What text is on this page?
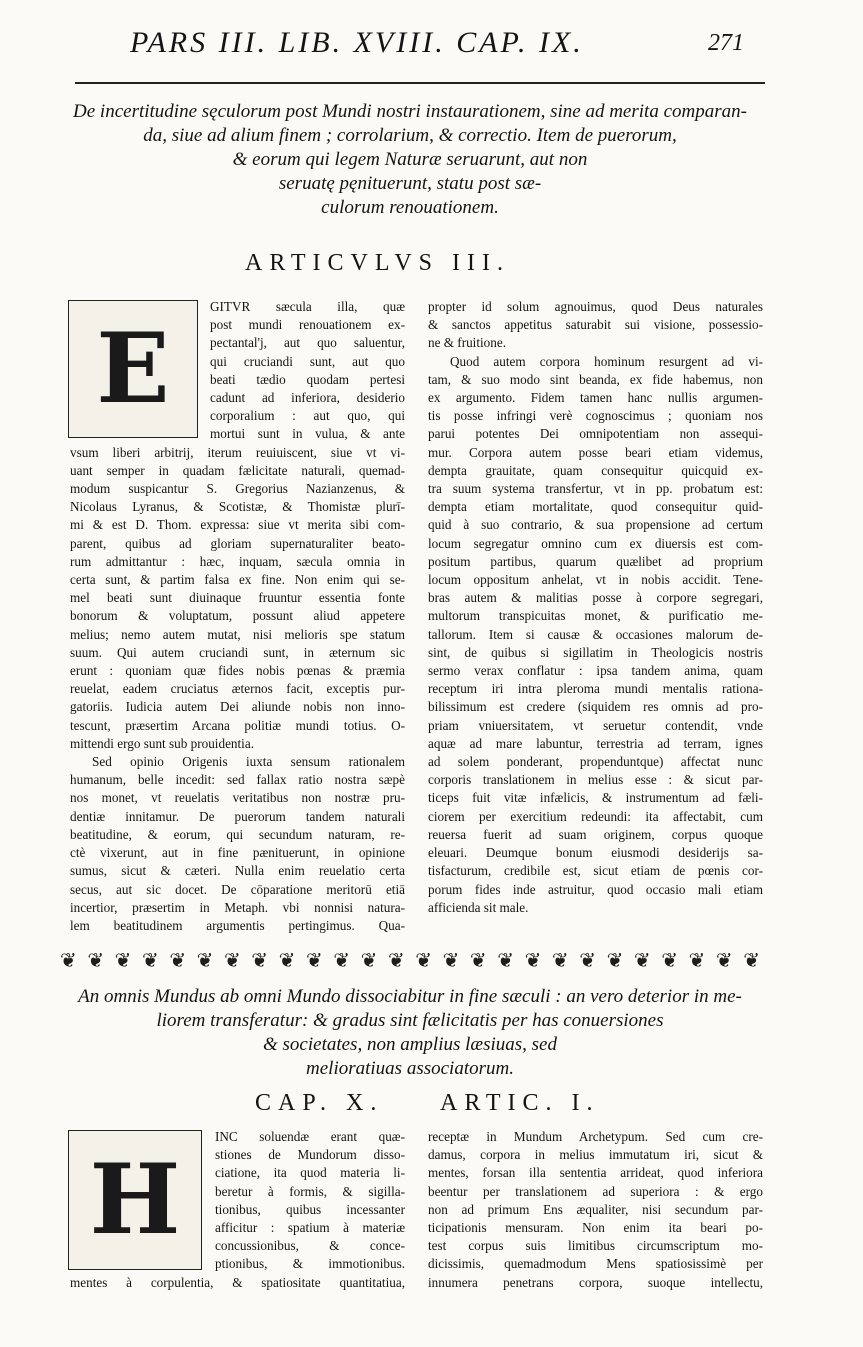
PARS III. LIB. XVIII. CAP. IX.	271
De incertitudine sęculorum post Mundi nostri instaurationem, sine ad merita comparan-
da, siue ad alium finem ; corrolarium, & correctio. Item de puerorum,
& eorum qui legem Naturæ seruarunt, aut non
seruatę pęnituerunt, statu post sæ-
culorum renouationem.
ARTICVLVS III.
E
GITVR sæcula illa, quæ
post mundi renouationem ex-
pectantal'j, aut quo saluentur,
qui cruciandi sunt, aut quo
beati tædio quodam pertesi
cadunt ad inferiora, desiderio
corporalium : aut quo, qui
mortui sunt in vulua, & ante
vsum liberi arbitrij, iterum reuiuiscent, siue vt vi-
uant semper in quadam fælicitate naturali, quemad-
modum suspicantur S. Gregorius Nazianzenus, &
Nicolaus Lyranus, & Scotistæ, & Thomistæ plurī-
mi & est D. Thom. expressa: siue vt merita sibi com-
parent, quibus ad gloriam supernaturaliter beato-
rum admittantur : hæc, inquam, sæcula omnia in
certa sunt, & partim falsa ex fine. Non enim qui se-
mel beati sunt diuinaque fruuntur essentia fonte
bonorum & voluptatum, possunt aliud appetere
melius; nemo autem mutat, nisi melioris spe statum
suum. Qui autem cruciandi sunt, in æternum sic
erunt : quoniam quæ fides nobis pœnas & præmia
reuelat, eadem cruciatus æternos facit, exceptis pur-
gatoriis. Iudicia autem Dei aliunde nobis non inno-
tescunt, præsertim Arcana politiæ mundi totius. O-
mittendi ergo sunt sub prouidentia.
Sed opinio Origenis iuxta sensum rationalem
humanum, belle incedit: sed fallax ratio nostra sæpè
nos monet, vt reuelatis veritatibus non nostræ pru-
dentiæ innitamur. De puerorum tandem naturali
beatitudine, & eorum, qui secundum naturam, re-
ctè vixerunt, aut in fine pænituerunt, in opinione
sumus, sicut & cæteri. Nulla enim reuelatio certa
secus, aut sic docet. De cōparatione meritorū etiā
incertior, præsertim in Metaph. vbi nonnisi natura-
lem beatitudinem argumentis pertingimus. Qua-
propter id solum agnouimus, quod Deus naturales
& sanctos appetitus saturabit sui visione, possessio-
ne & fruitione.
Quod autem corpora hominum resurgent ad vi-
tam, & suo modo sint beanda, ex fide habemus, non
ex argumento. Fidem tamen hanc nullis argumen-
tis posse infringi verè cognoscimus ; quoniam nos
parui potentes Dei omnipotentiam non assequi-
mur. Corpora autem posse beari etiam videmus,
dempta grauitate, quam consequitur quicquid ex-
tra suum systema transfertur, vt in pp. probatum est:
dempta etiam mortalitate, quod consequitur quid-
quid à suo contrario, & sua propensione ad certum
locum segregatur omnino cum ex diuersis est com-
positum partibus, quarum quælibet ad proprium
locum oppositum anhelat, vt in nobis accidit. Tene-
bras autem & malitias posse à corpore segregari,
multorum transpicuitas monet, & purificatio me-
tallorum. Item si causæ & occasiones malorum de-
sint, de quibus si sigillatim in Theologicis nostris
sermo verax conflatur : ipsa tandem anima, quam
receptum iri intra pleroma mundi mentalis rationa-
bilissimum est credere (siquidem res omnis ad pro-
priam vniuersitatem, vt seruetur contendit, vnde
aquæ ad mare labuntur, terrestria ad terram, ignes
ad solem ponderant, propenduntque) affectat nunc
corporis translationem in melius esse : & sicut par-
ticeps fuit vitæ infælicis, & instrumentum ad fæli-
ciorem per exercitium redeundi: ita affectabit, cum
reuersa fuerit ad suam originem, corpus quoque
eleuari. Deumque bonum eiusmodi desiderijs sa-
tisfacturum, credibile est, sicut etiam de pœnis cor-
porum fides inde astruitur, quod occasio mali etiam
afficienda sit male.
❦ ❦ ❦ ❦ ❦ ❦ ❦ ❦ ❦ ❦ ❦ ❦ ❦ ❦ ❦ ❦ ❦ ❦ ❦ ❦ ❦ ❦ ❦ ❦ ❦ ❦
An omnis Mundus ab omni Mundo dissociabitur in fine sæculi : an vero deterior in me-
liorem transferatur: & gradus sint fælicitatis per has conuersiones
& societates, non amplius læsiuas, sed
melioratiuas associatorum.
CAP. X. ARTIC. I.
H
INC soluendæ erant quæ-
stiones de Mundorum disso-
ciatione, ita quod materia li-
beretur à formis, & sigilla-
tionibus, quibus incessanter
afficitur : spatium à materiæ
concussionibus, & conce-
ptionibus, & immotionibus.
mentes à corpulentia, & spatiositate quantitatiua,
receptæ in Mundum Archetypum. Sed cum cre-
damus, corpora in melius immutatum iri, sicut &
mentes, forsan illa sententia arrideat, quod inferiora
beentur per translationem ad superiora : & ergo
non ad primum Ens æqualiter, nisi secundum par-
ticipationis mensuram. Non enim ita beari po-
test corpus suis limitibus circumscriptum mo-
dicissimis, quemadmodum Mens spatiosissimè per
innumera penetrans corpora, suoque intellectu,
